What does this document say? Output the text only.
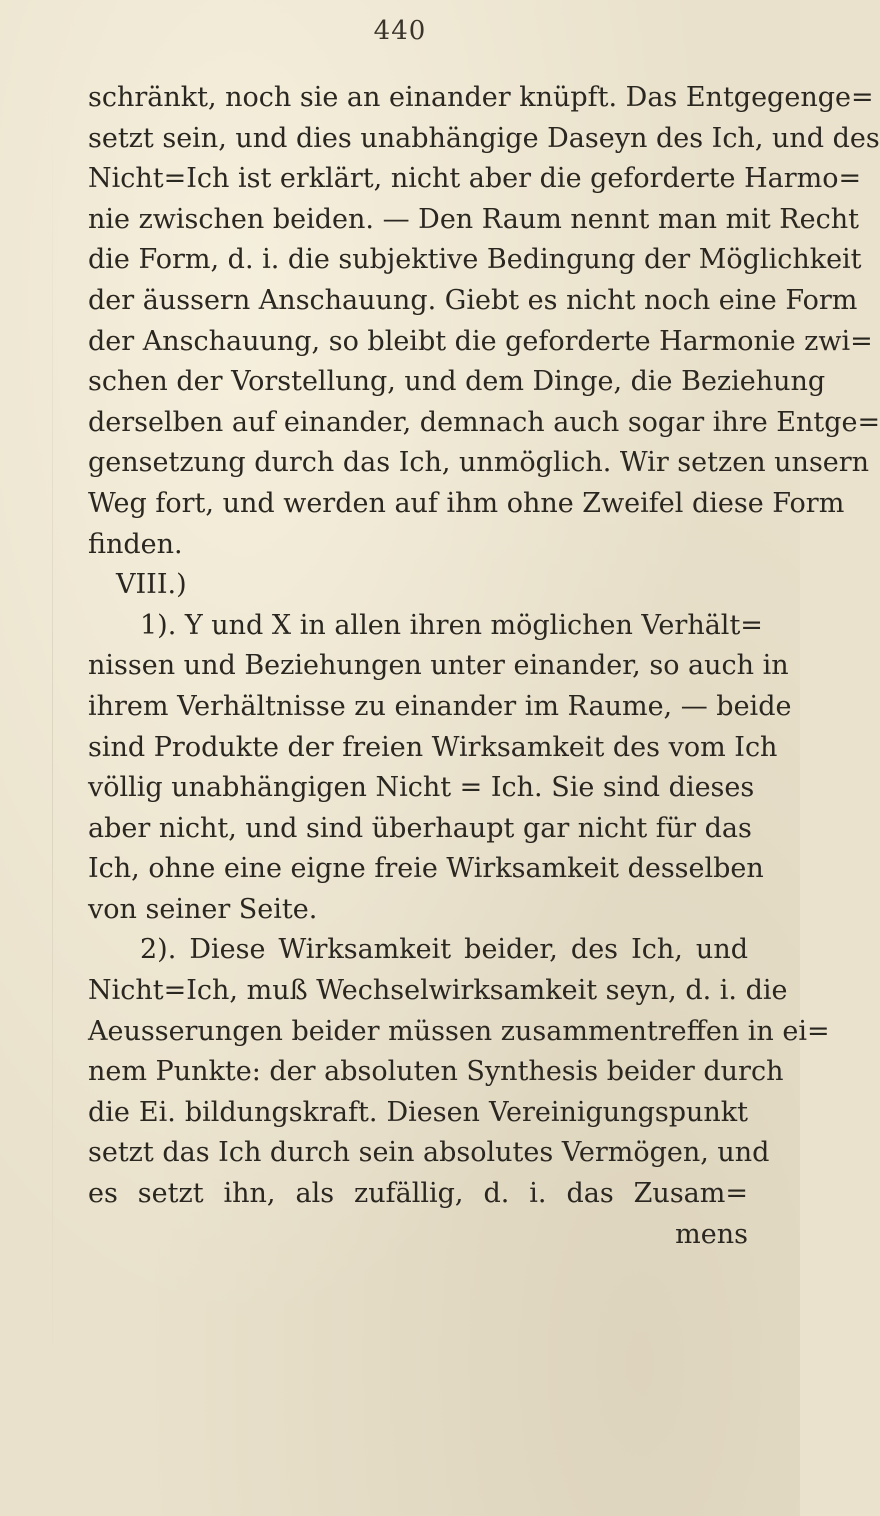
440
schränkt, noch sie an einander knüpft. Das Entgegenge=
setzt sein, und dies unabhängige Daseyn des Ich, und des
Nicht=Ich ist erklärt, nicht aber die geforderte Harmo=
nie zwischen beiden. — Den Raum nennt man mit Recht
die Form, d. i. die subjektive Bedingung der Möglichkeit
der äussern Anschauung. Giebt es nicht noch eine Form
der Anschauung, so bleibt die geforderte Harmonie zwi=
schen der Vorstellung, und dem Dinge, die Beziehung
derselben auf einander, demnach auch sogar ihre Entge=
gensetzung durch das Ich, unmöglich. Wir setzen unsern
Weg fort, und werden auf ihm ohne Zweifel diese Form
finden.
VIII.)
1). Y und X in allen ihren möglichen Verhält=
nissen und Beziehungen unter einander, so auch in
ihrem Verhältnisse zu einander im Raume, — beide
sind Produkte der freien Wirksamkeit des vom Ich
völlig unabhängigen Nicht = Ich. Sie sind dieses
aber nicht, und sind überhaupt gar nicht für das
Ich, ohne eine eigne freie Wirksamkeit desselben
von seiner Seite.
2). Diese Wirksamkeit beider, des Ich, und
Nicht=Ich, muß Wechselwirksamkeit seyn, d. i. die
Aeusserungen beider müssen zusammentreffen in ei=
nem Punkte: der absoluten Synthesis beider durch
die Ei. bildungskraft. Diesen Vereinigungspunkt
setzt das Ich durch sein absolutes Vermögen, und
es setzt ihn, als zufällig, d. i. das Zusam=
mens
